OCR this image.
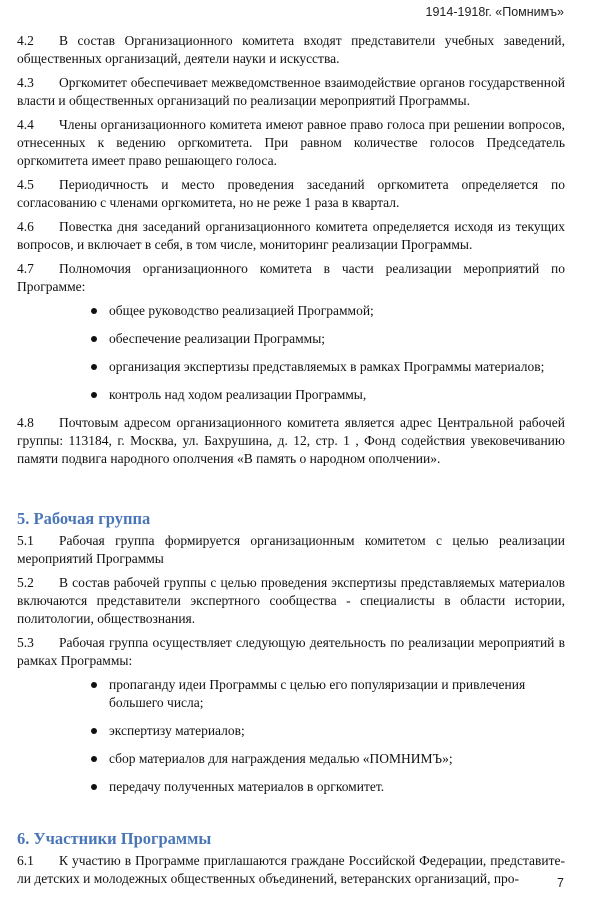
1914-1918г. «Помнимъ»

4.2 В состав Организационного комитета входят представители учебных заведений, общественных организаций, деятели науки и искусства.

4.3 Оргкомитет обеспечивает межведомственное взаимодействие органов государственной власти и общественных организаций по реализации мероприятий Программы.

4.4 Члены организационного комитета имеют равное право голоса при решении вопросов, отнесенных к ведению оргкомитета. При равном количестве голосов Председатель оргкомитета имеет право решающего голоса.

4.5 Периодичность и место проведения заседаний оргкомитета определяется по согласованию с членами оргкомитета, но не реже 1 раза в квартал.

4.6 Повестка дня заседаний организационного комитета определяется исходя из текущих вопросов, и включает в себя, в том числе, мониторинг реализации Программы.

4.7 Полномочия организационного комитета в части реализации мероприятий по Программе:

общее руководство реализацией Программой;
обеспечение реализации Программы;
организация экспертизы представляемых в рамках Программы материалов;
контроль над ходом реализации Программы,

4.8 Почтовым адресом организационного комитета является адрес Центральной рабочей группы: 113184, г. Москва, ул. Бахрушина, д. 12, стр. 1 , Фонд содействия увековечиванию памяти подвига народного ополчения «В память о народном ополчении».

5. Рабочая группа

5.1 Рабочая группа формируется организационным комитетом с целью реализации мероприятий Программы

5.2 В состав рабочей группы с целью проведения экспертизы представляемых материалов включаются представители экспертного сообщества - специалисты в области истории, политологии, обществознания.

5.3 Рабочая группа осуществляет следующую деятельность по реализации мероприятий в рамках Программы:

пропаганду идеи Программы с целью его популяризации и привлечения большего числа;
экспертизу материалов;
сбор материалов для награждения медалью «ПОМНИМЪ»;
передачу полученных материалов в оргкомитет.
6. Участники Программы

6.1 К участию в Программе приглашаются граждане Российской Федерации, представите-ли детских и молодежных общественных объединений, ветеранских организаций, про-	7
